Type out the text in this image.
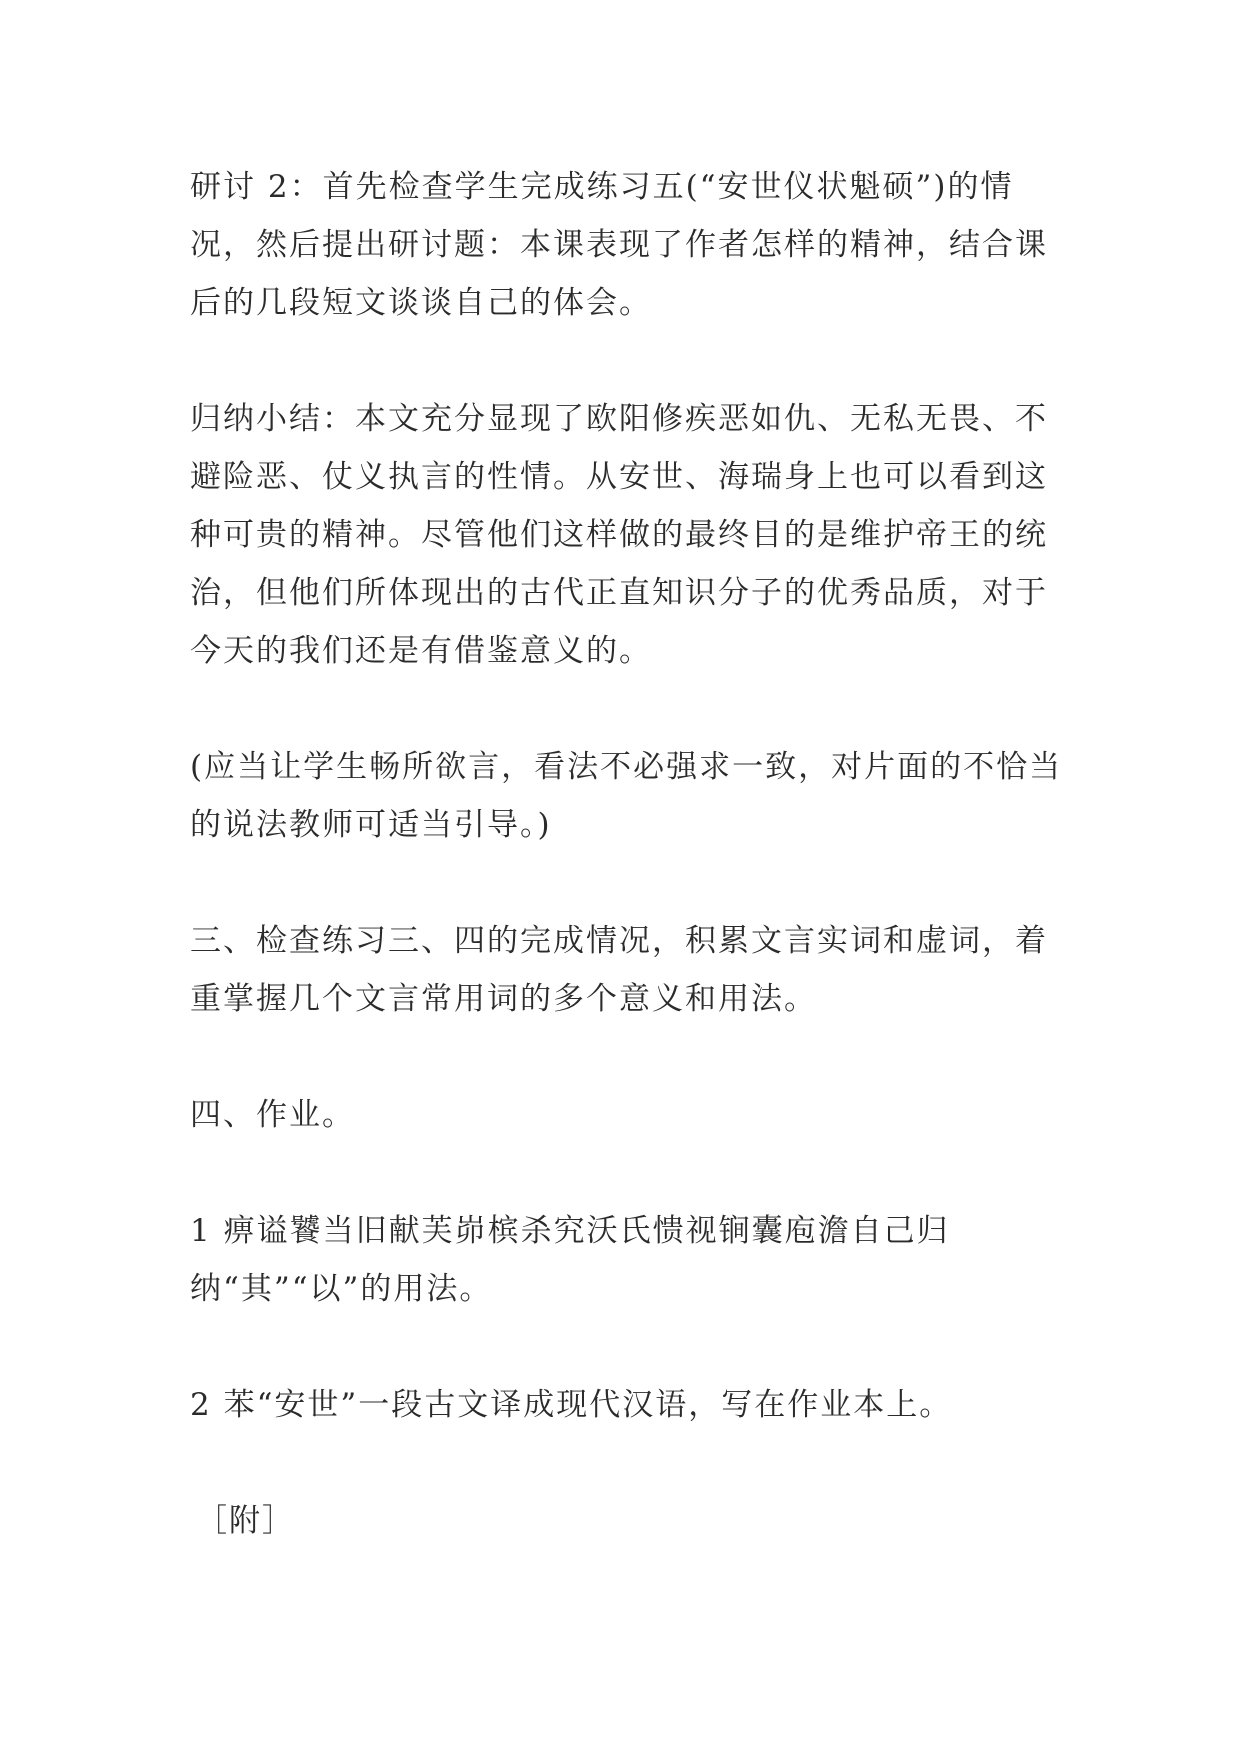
研讨 2：首先检查学生完成练习五(“安世仪状魁硕”)的情况，然后提出研讨题：本课表现了作者怎样的精神，结合课后的几段短文谈谈自己的体会。

归纳小结：本文充分显现了欧阳修疾恶如仇、无私无畏、不避险恶、仗义执言的性情。从安世、海瑞身上也可以看到这种可贵的精神。尽管他们这样做的最终目的是维护帝王的统治，但他们所体现出的古代正直知识分子的优秀品质，对于今天的我们还是有借鉴意义的。

(应当让学生畅所欲言，看法不必强求一致，对片面的不恰当的说法教师可适当引导。)

三、检查练习三、四的完成情况，积累文言实词和虚词，着重掌握几个文言常用词的多个意义和用法。

四、作业。

1 痹谥饕当旧献芙峁槟杀究沃氏愦视锏囊庖澹自己归纳“其”“以”的用法。

2 苯“安世”一段古文译成现代汉语，写在作业本上。

［附］
